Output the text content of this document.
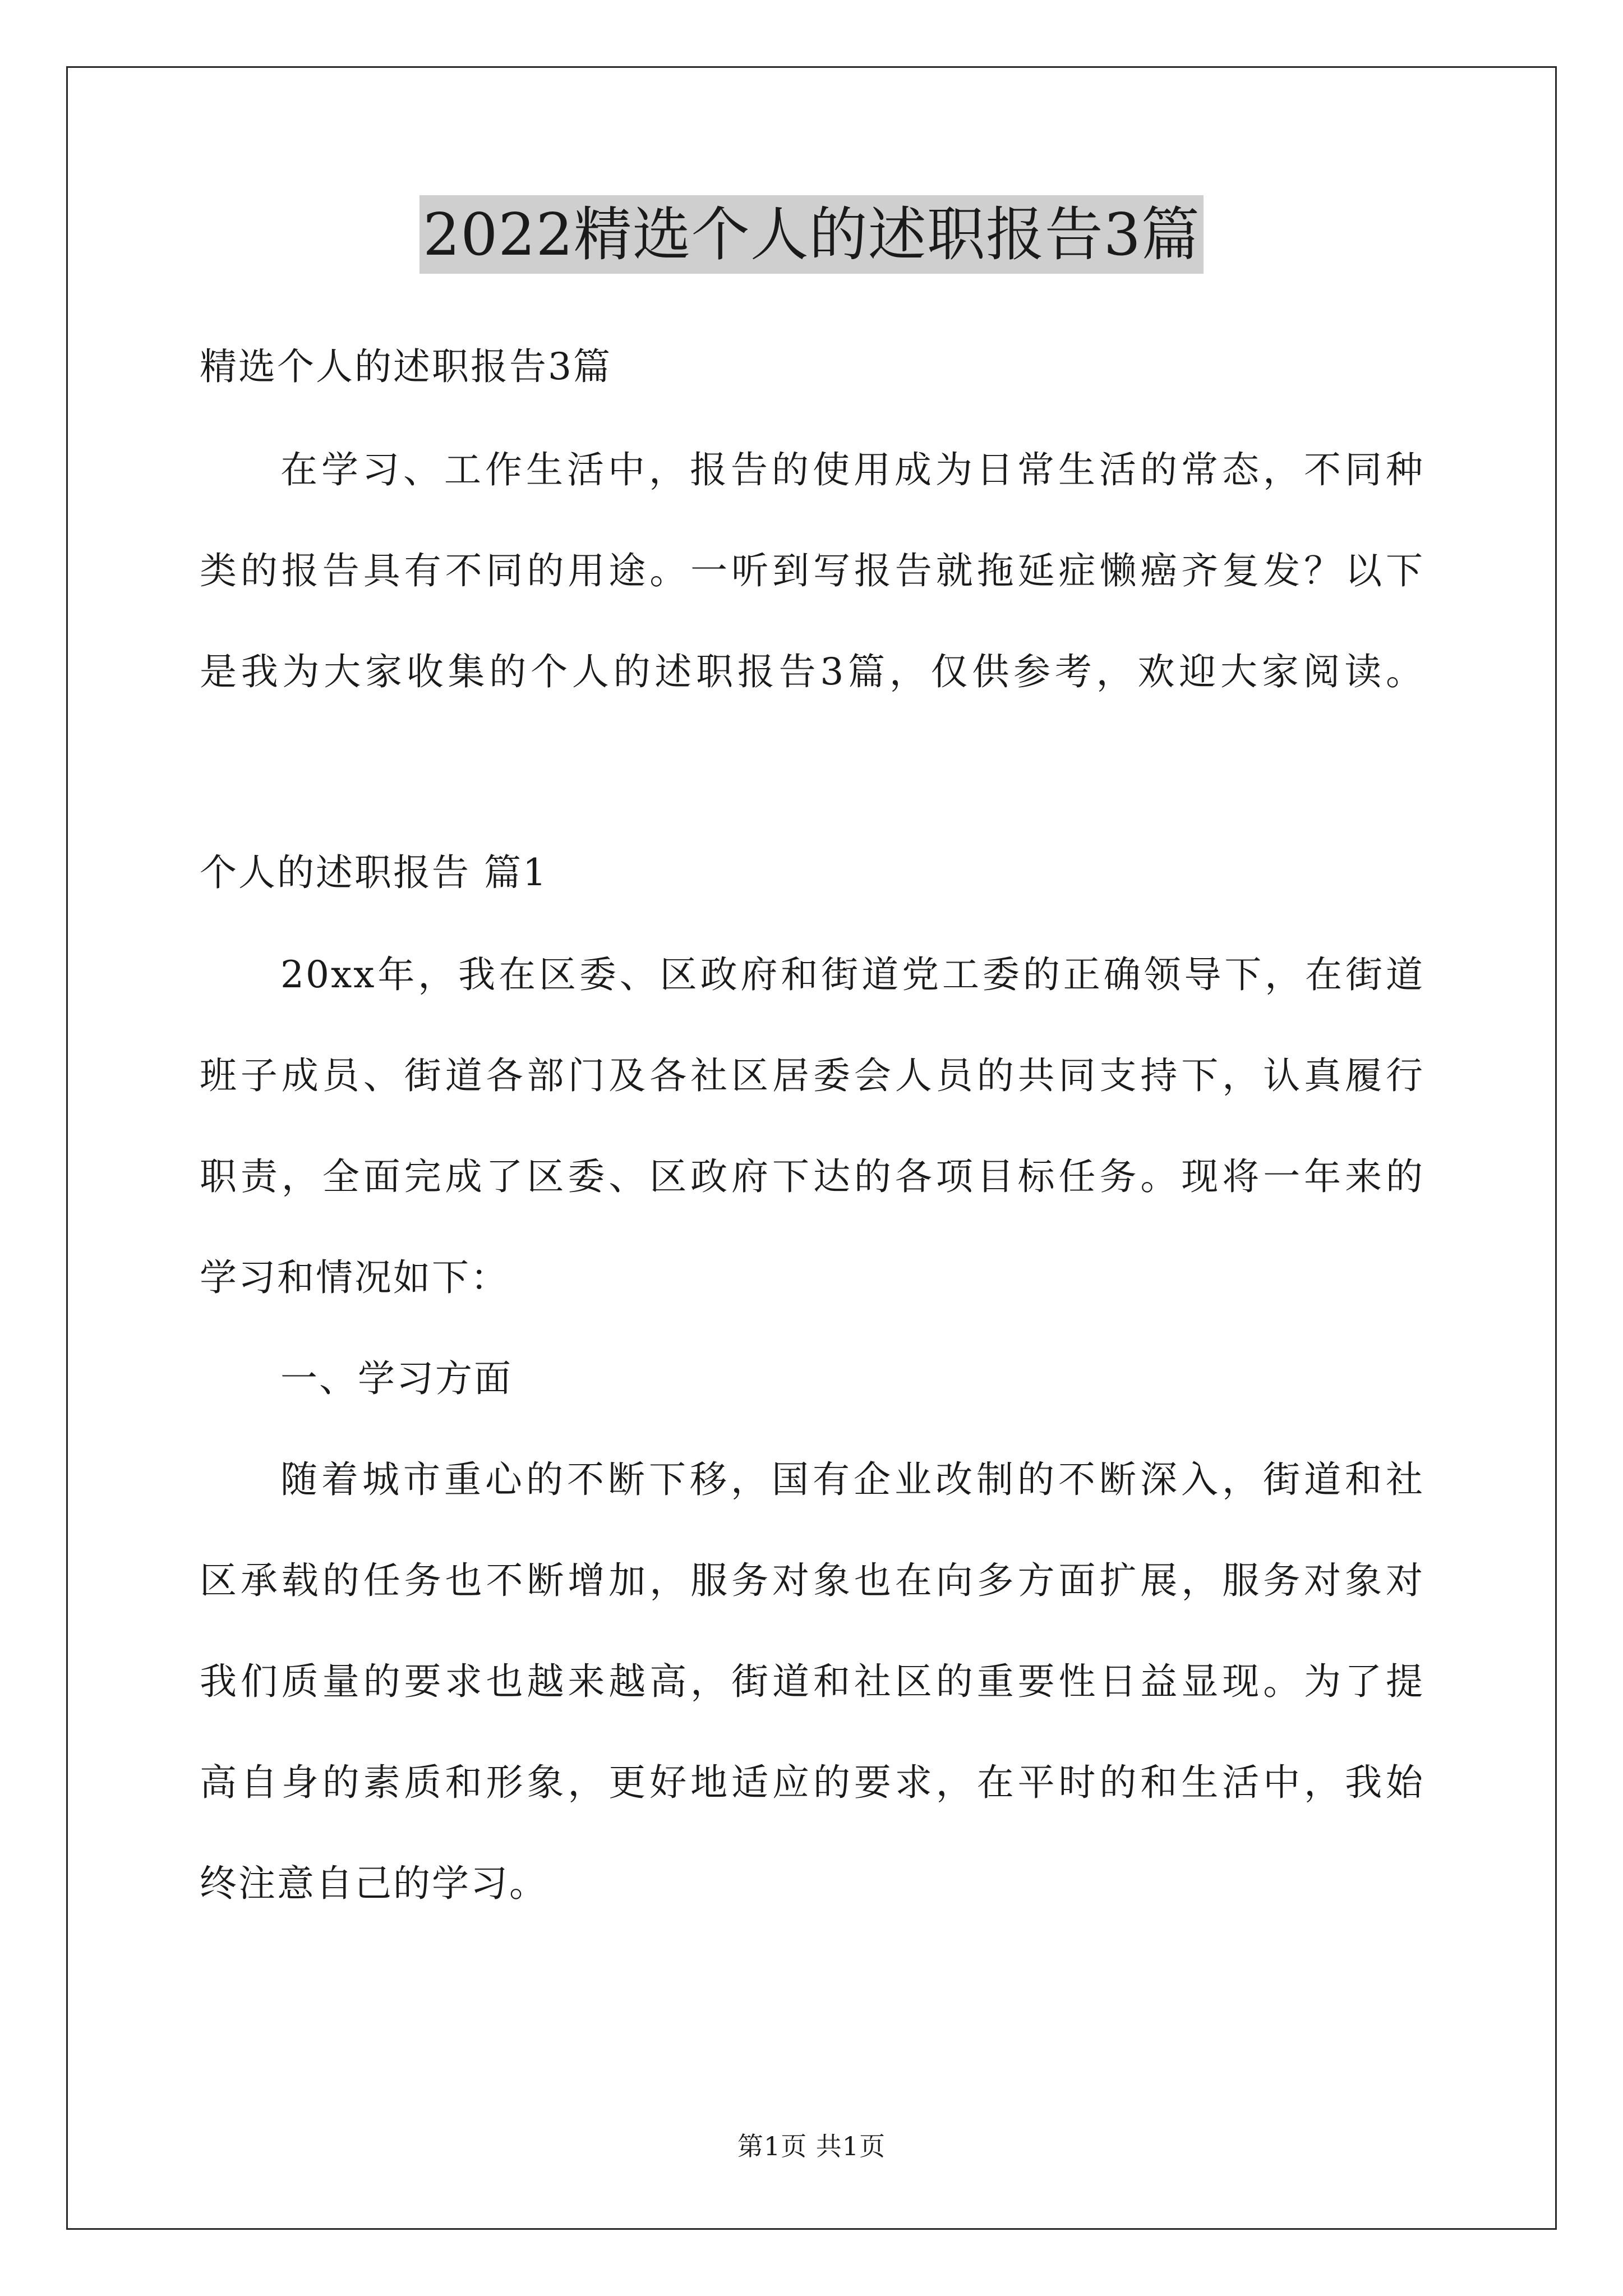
2022精选个人的述职报告3篇

精选个人的述职报告3篇

在学习、工作生活中，报告的使用成为日常生活的常态，不同种

类的报告具有不同的用途。一听到写报告就拖延症懒癌齐复发？以下

是我为大家收集的个人的述职报告3篇，仅供参考，欢迎大家阅读。

个人的述职报告 篇1

20xx年，我在区委、区政府和街道党工委的正确领导下，在街道

班子成员、街道各部门及各社区居委会人员的共同支持下，认真履行

职责，全面完成了区委、区政府下达的各项目标任务。现将一年来的

学习和情况如下：

一、学习方面

随着城市重心的不断下移，国有企业改制的不断深入，街道和社

区承载的任务也不断增加，服务对象也在向多方面扩展，服务对象对

我们质量的要求也越来越高，街道和社区的重要性日益显现。为了提

高自身的素质和形象，更好地适应的要求，在平时的和生活中，我始

终注意自己的学习。

第1页 共1页
